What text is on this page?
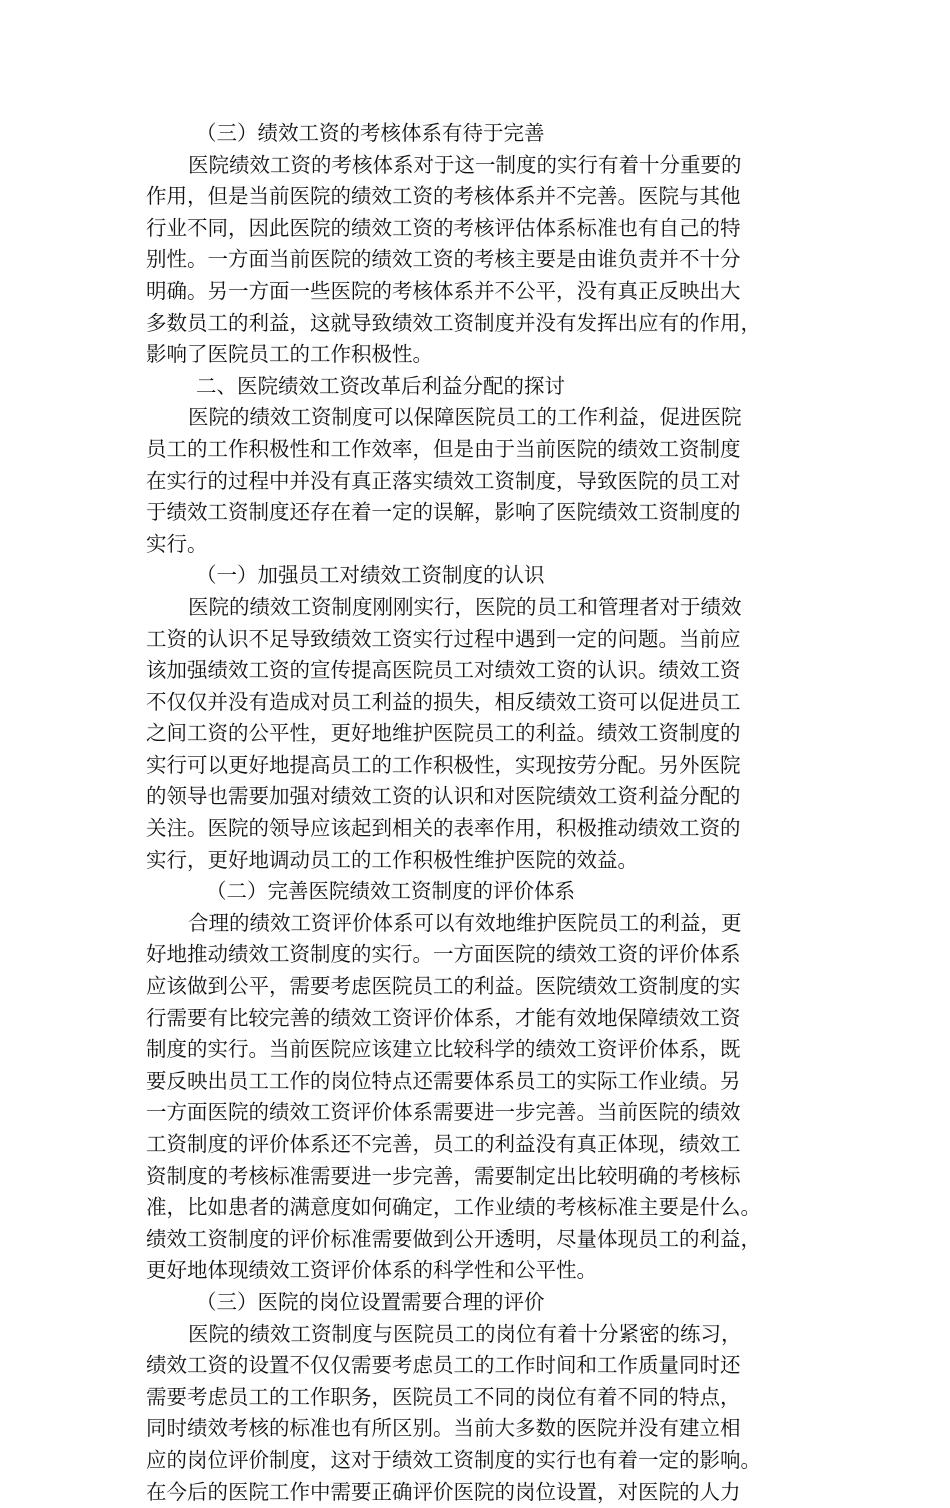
（三）绩效工资的考核体系有待于完善
医院绩效工资的考核体系对于这一制度的实行有着十分重要的
作用，但是当前医院的绩效工资的考核体系并不完善。医院与其他
行业不同，因此医院的绩效工资的考核评估体系标准也有自己的特
别性。一方面当前医院的绩效工资的考核主要是由谁负责并不十分
明确。另一方面一些医院的考核体系并不公平，没有真正反映出大
多数员工的利益，这就导致绩效工资制度并没有发挥出应有的作用，
影响了医院员工的工作积极性。
二、医院绩效工资改革后利益分配的探讨
医院的绩效工资制度可以保障医院员工的工作利益，促进医院
员工的工作积极性和工作效率，但是由于当前医院的绩效工资制度
在实行的过程中并没有真正落实绩效工资制度，导致医院的员工对
于绩效工资制度还存在着一定的误解，影响了医院绩效工资制度的
实行。
（一）加强员工对绩效工资制度的认识
医院的绩效工资制度刚刚实行，医院的员工和管理者对于绩效
工资的认识不足导致绩效工资实行过程中遇到一定的问题。当前应
该加强绩效工资的宣传提高医院员工对绩效工资的认识。绩效工资
不仅仅并没有造成对员工利益的损失，相反绩效工资可以促进员工
之间工资的公平性，更好地维护医院员工的利益。绩效工资制度的
实行可以更好地提高员工的工作积极性，实现按劳分配。另外医院
的领导也需要加强对绩效工资的认识和对医院绩效工资利益分配的
关注。医院的领导应该起到相关的表率作用，积极推动绩效工资的
实行，更好地调动员工的工作积极性维护医院的效益。
（二）完善医院绩效工资制度的评价体系
合理的绩效工资评价体系可以有效地维护医院员工的利益，更
好地推动绩效工资制度的实行。一方面医院的绩效工资的评价体系
应该做到公平，需要考虑医院员工的利益。医院绩效工资制度的实
行需要有比较完善的绩效工资评价体系，才能有效地保障绩效工资
制度的实行。当前医院应该建立比较科学的绩效工资评价体系，既
要反映出员工工作的岗位特点还需要体系员工的实际工作业绩。另
一方面医院的绩效工资评价体系需要进一步完善。当前医院的绩效
工资制度的评价体系还不完善，员工的利益没有真正体现，绩效工
资制度的考核标准需要进一步完善，需要制定出比较明确的考核标
准，比如患者的满意度如何确定，工作业绩的考核标准主要是什么。
绩效工资制度的评价标准需要做到公开透明，尽量体现员工的利益，
更好地体现绩效工资评价体系的科学性和公平性。
（三）医院的岗位设置需要合理的评价
医院的绩效工资制度与医院员工的岗位有着十分紧密的练习，
绩效工资的设置不仅仅需要考虑员工的工作时间和工作质量同时还
需要考虑员工的工作职务，医院员工不同的岗位有着不同的特点，
同时绩效考核的标准也有所区别。当前大多数的医院并没有建立相
应的岗位评价制度，这对于绩效工资制度的实行也有着一定的影响。
在今后的医院工作中需要正确评价医院的岗位设置，对医院的人力
